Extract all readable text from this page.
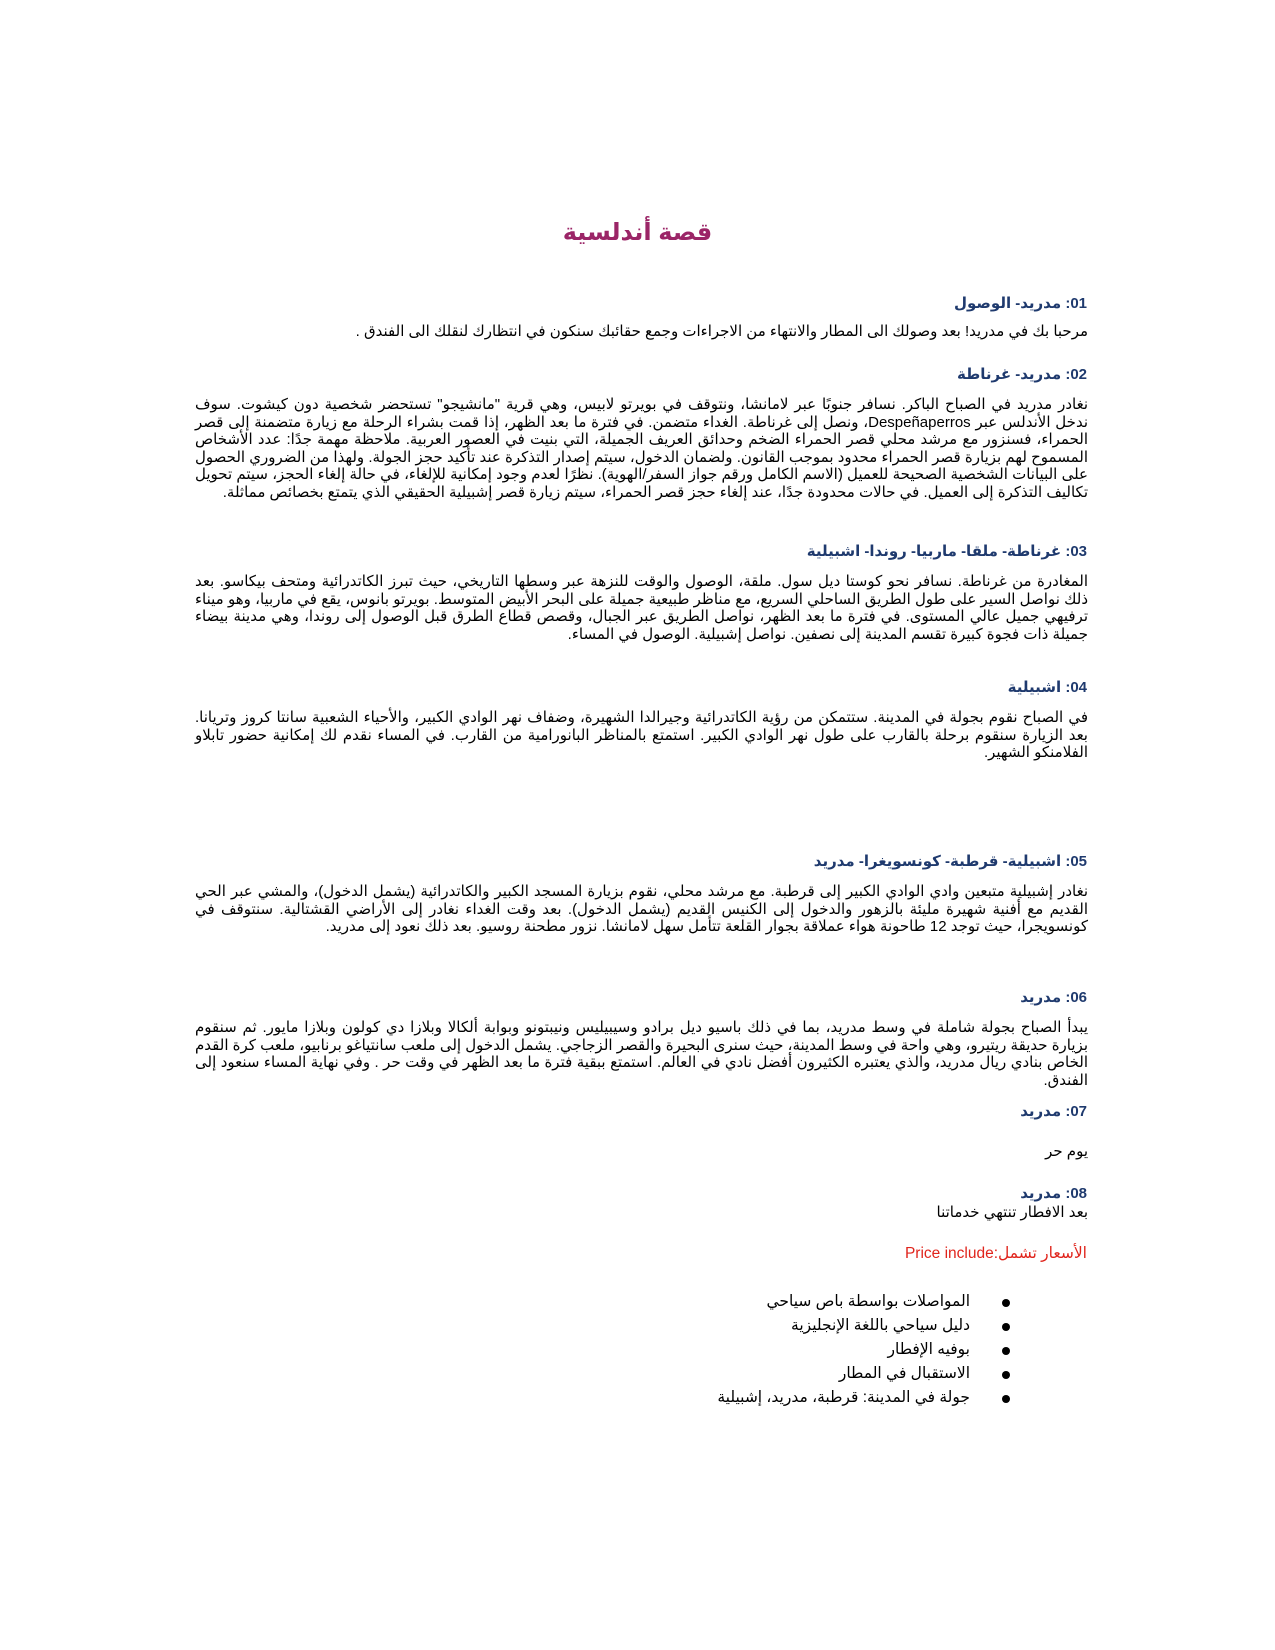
قصة أندلسية
01: مدريد- الوصول
مرحبا بك في مدريد! بعد وصولك الى المطار والانتهاء من الاجراءات وجمع حقائبك سنكون في انتظارك لنقلك الى الفندق .
02: مدريد- غرناطة
نغادر مدريد في الصباح الباكر. نسافر جنوبًا عبر لامانشا، ونتوقف في بويرتو لابيس، وهي قرية "مانشيجو" تستحضر شخصية دون كيشوت. سوف ندخل الأندلس عبر Despeñaperros، ونصل إلى غرناطة. الغداء متضمن. في فترة ما بعد الظهر، إذا قمت بشراء الرحلة مع زيارة متضمنة إلى قصر الحمراء، فسنزور مع مرشد محلي قصر الحمراء الضخم وحدائق العريف الجميلة، التي بنيت في العصور العربية. ملاحظة مهمة جدًا: عدد الأشخاص المسموح لهم بزيارة قصر الحمراء محدود بموجب القانون. ولضمان الدخول، سيتم إصدار التذكرة عند تأكيد حجز الجولة. ولهذا من الضروري الحصول على البيانات الشخصية الصحيحة للعميل (الاسم الكامل ورقم جواز السفر/الهوية). نظرًا لعدم وجود إمكانية للإلغاء، في حالة إلغاء الحجز، سيتم تحويل تكاليف التذكرة إلى العميل. في حالات محدودة جدًا، عند إلغاء حجز قصر الحمراء، سيتم زيارة قصر إشبيلية الحقيقي الذي يتمتع بخصائص مماثلة.
03: غرناطة- ملقا- ماربيا- روندا- اشبيلية
المغادرة من غرناطة. نسافر نحو كوستا ديل سول. ملقة، الوصول والوقت للنزهة عبر وسطها التاريخي، حيث تبرز الكاتدرائية ومتحف بيكاسو. بعد ذلك نواصل السير على طول الطريق الساحلي السريع، مع مناظر طبيعية جميلة على البحر الأبيض المتوسط. بويرتو بانوس، يقع في ماربيا، وهو ميناء ترفيهي جميل عالي المستوى. في فترة ما بعد الظهر، نواصل الطريق عبر الجبال، وقصص قطاع الطرق قبل الوصول إلى روندا، وهي مدينة بيضاء جميلة ذات فجوة كبيرة تقسم المدينة إلى نصفين. نواصل إشبيلية. الوصول في المساء.
04: اشبيلية
في الصباح نقوم بجولة في المدينة. ستتمكن من رؤية الكاتدرائية وجيرالدا الشهيرة، وضفاف نهر الوادي الكبير، والأحياء الشعبية سانتا كروز وتريانا. بعد الزيارة سنقوم برحلة بالقارب على طول نهر الوادي الكبير. استمتع بالمناظر البانورامية من القارب. في المساء نقدم لك إمكانية حضور تابلاو الفلامنكو الشهير.
05: اشبيلية- قرطبة- كونسويغرا- مدريد
نغادر إشبيلية متبعين وادي الوادي الكبير إلى قرطبة. مع مرشد محلي، نقوم بزيارة المسجد الكبير والكاتدرائية (يشمل الدخول)، والمشي عبر الحي القديم مع أفنية شهيرة مليئة بالزهور والدخول إلى الكنيس القديم (يشمل الدخول). بعد وقت الغداء نغادر إلى الأراضي القشتالية. سنتوقف في كونسويجرا، حيث توجد 12 طاحونة هواء عملاقة بجوار القلعة تتأمل سهل لامانشا. نزور مطحنة روسيو. بعد ذلك نعود إلى مدريد.
06: مدريد
يبدأ الصباح بجولة شاملة في وسط مدريد، بما في ذلك باسيو ديل برادو وسيبيليس ونيبتونو وبوابة ألكالا وبلازا دي كولون وبلازا مايور. ثم سنقوم بزيارة حديقة ريتيرو، وهي واحة في وسط المدينة، حيث سنرى البحيرة والقصر الزجاجي. يشمل الدخول إلى ملعب سانتياغو برنابيو، ملعب كرة القدم الخاص بنادي ريال مدريد، والذي يعتبره الكثيرون أفضل نادي في العالم. استمتع ببقية فترة ما بعد الظهر في وقت حر . وفي نهاية المساء سنعود إلى الفندق.
07: مدريد
يوم حر
08: مدريد
بعد الافطار تنتهي خدماتنا
الأسعار تشمل:Price include
المواصلات بواسطة باص سياحي
دليل سياحي باللغة الإنجليزية
بوفيه الإفطار
الاستقبال في المطار
جولة في المدينة: قرطبة، مدريد، إشبيلية
